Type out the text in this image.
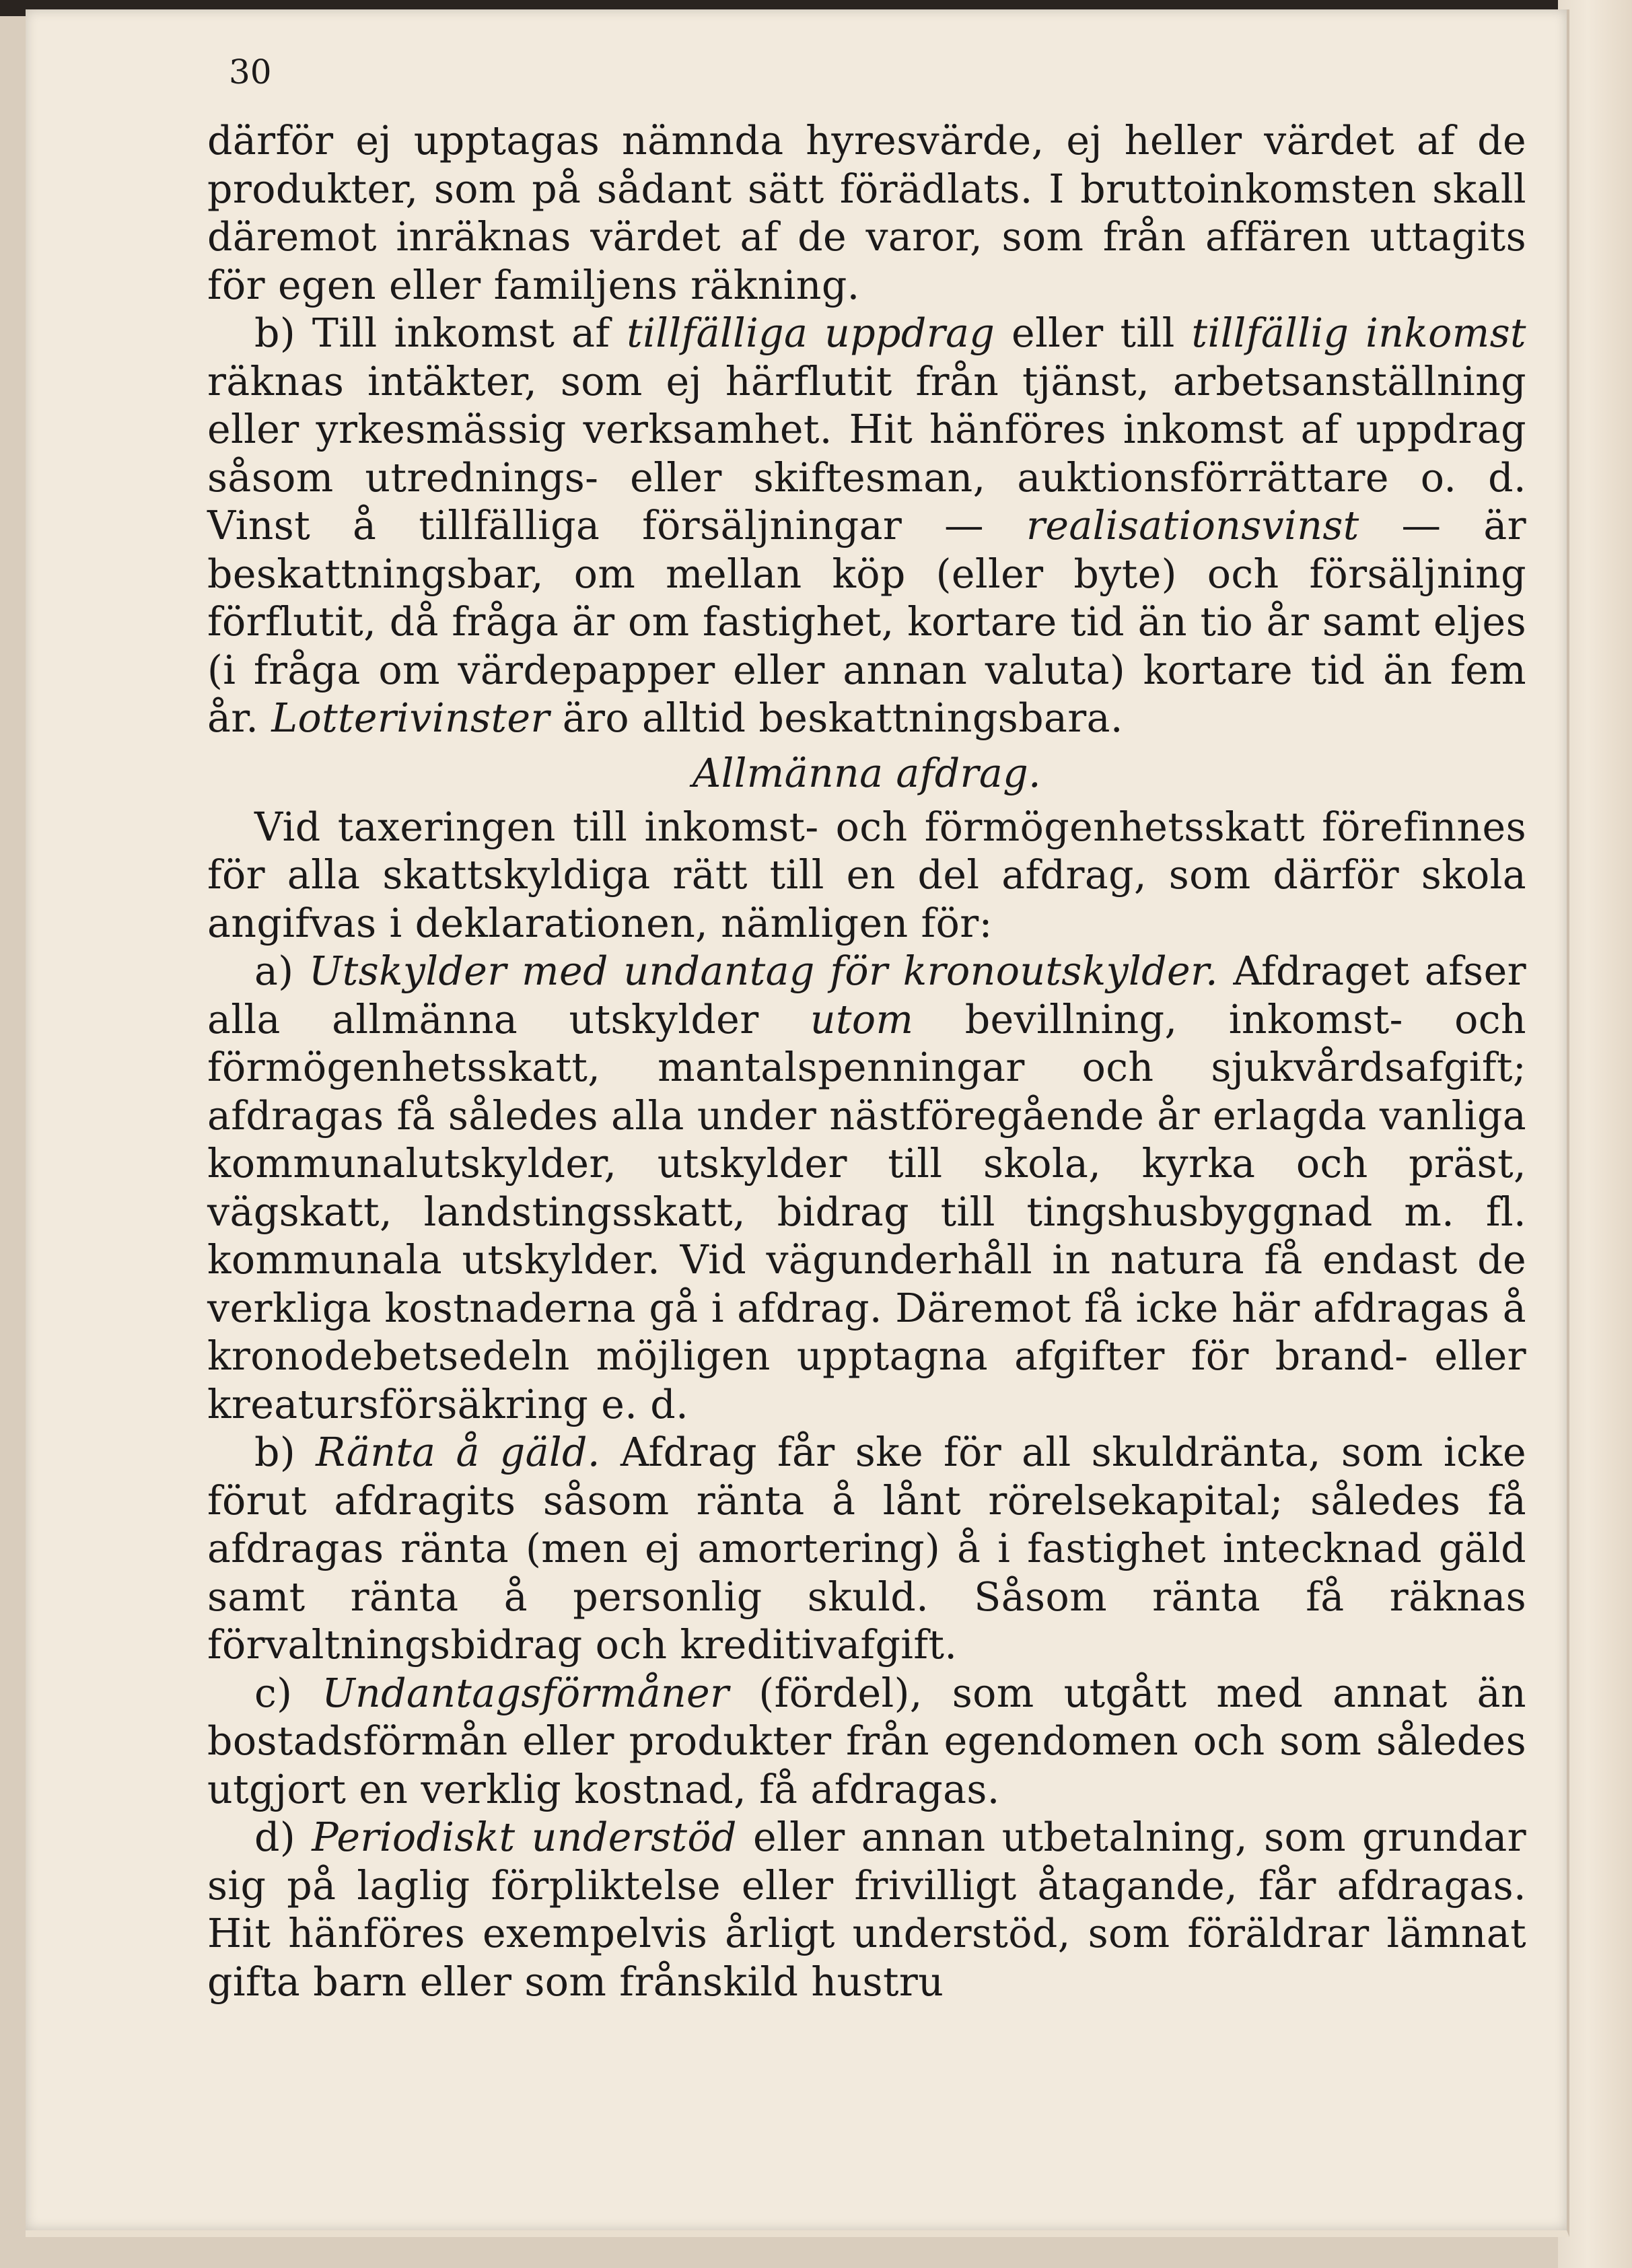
30

därför ej upptagas nämnda hyresvärde, ej heller värdet af de produkter, som på sådant sätt förädlats. I bruttoinkomsten skall däremot inräknas värdet af de varor, som från affären uttagits för egen eller familjens räkning.

b) Till inkomst af tillfälliga uppdrag eller till tillfällig inkomst räknas intäkter, som ej härflutit från tjänst, arbetsanställning eller yrkesmässig verksamhet. Hit hänföres inkomst af uppdrag såsom utrednings- eller skiftesman, auktionsförrättare o. d. Vinst å tillfälliga försäljningar — realisationsvinst — är beskattningsbar, om mellan köp (eller byte) och försäljning förflutit, då fråga är om fastighet, kortare tid än tio år samt eljes (i fråga om värdepapper eller annan valuta) kortare tid än fem år. Lotterivinster äro alltid beskattningsbara.

Allmänna afdrag.

Vid taxeringen till inkomst- och förmögenhetsskatt förefinnes för alla skattskyldiga rätt till en del afdrag, som därför skola angifvas i deklarationen, nämligen för:

a) Utskylder med undantag för kronoutskylder. Afdraget afser alla allmänna utskylder utom bevillning, inkomst- och förmögenhetsskatt, mantalspenningar och sjukvårdsafgift; afdragas få således alla under nästföregående år erlagda vanliga kommunalutskylder, utskylder till skola, kyrka och präst, vägskatt, landstingsskatt, bidrag till tingshusbyggnad m. fl. kommunala utskylder. Vid vägunderhåll in natura få endast de verkliga kostnaderna gå i afdrag. Däremot få icke här afdragas å kronodebetsedeln möjligen upptagna afgifter för brand- eller kreatursförsäkring e. d.

b) Ränta å gäld. Afdrag får ske för all skuldränta, som icke förut afdragits såsom ränta å lånt rörelsekapital; således få afdragas ränta (men ej amortering) å i fastighet intecknad gäld samt ränta å personlig skuld. Såsom ränta få räknas förvaltningsbidrag och kreditivafgift.

c) Undantagsförmåner (fördel), som utgått med annat än bostadsförmån eller produkter från egendomen och som således utgjort en verklig kostnad, få afdragas.

d) Periodiskt understöd eller annan utbetalning, som grundar sig på laglig förpliktelse eller frivilligt åtagande, får afdragas. Hit hänföres exempelvis årligt understöd, som föräldrar lämnat gifta barn eller som frånskild hustru
